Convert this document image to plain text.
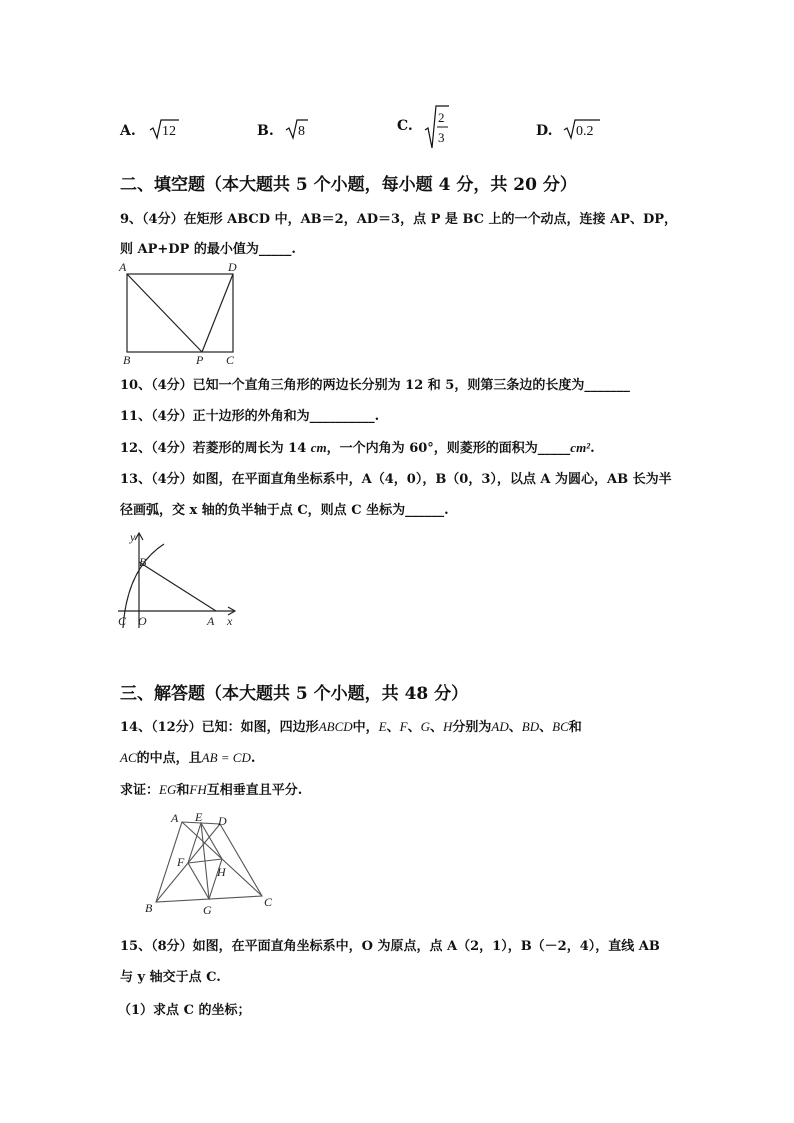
A. 12	B. 8	C.
2
3	D. 0.2
二、填空题（本大题共 5 个小题，每小题 4 分，共 20 分）
9、（4分）在矩形 ABCD 中，AB＝2，AD＝3，点 P 是 BC 上的一个动点，连接 AP、DP，
则 AP+DP 的最小值为_____.
A	D
B	P C
10、（4分）已知一个直角三角形的两边长分别为 12 和 5，则第三条边的长度为_______
11、（4分）正十边形的外角和为__________.
12、（4分）若菱形的周长为 14 cm，一个内角为 60°，则菱形的面积为_____cm².
13、（4分）如图，在平面直角坐标系中，A（4，0），B（0，3），以点 A 为圆心，AB 长为半
径画弧，交 x 轴的负半轴于点 C，则点 C 坐标为______.
y
B
C O	A x
三、解答题（本大题共 5 个小题，共 48 分）
14、（12分）已知：如图，四边形ABCD中，E、F、G、H分别为AD、BD、BC和
AC的中点，且AB = CD.
求证：EG和FH互相垂直且平分.
A E D
F
H
B	G
C
15、（8分）如图，在平面直角坐标系中，O 为原点，点 A（2，1），B（－2，4），直线 AB
与 y 轴交于点 C.
（1）求点 C 的坐标；
